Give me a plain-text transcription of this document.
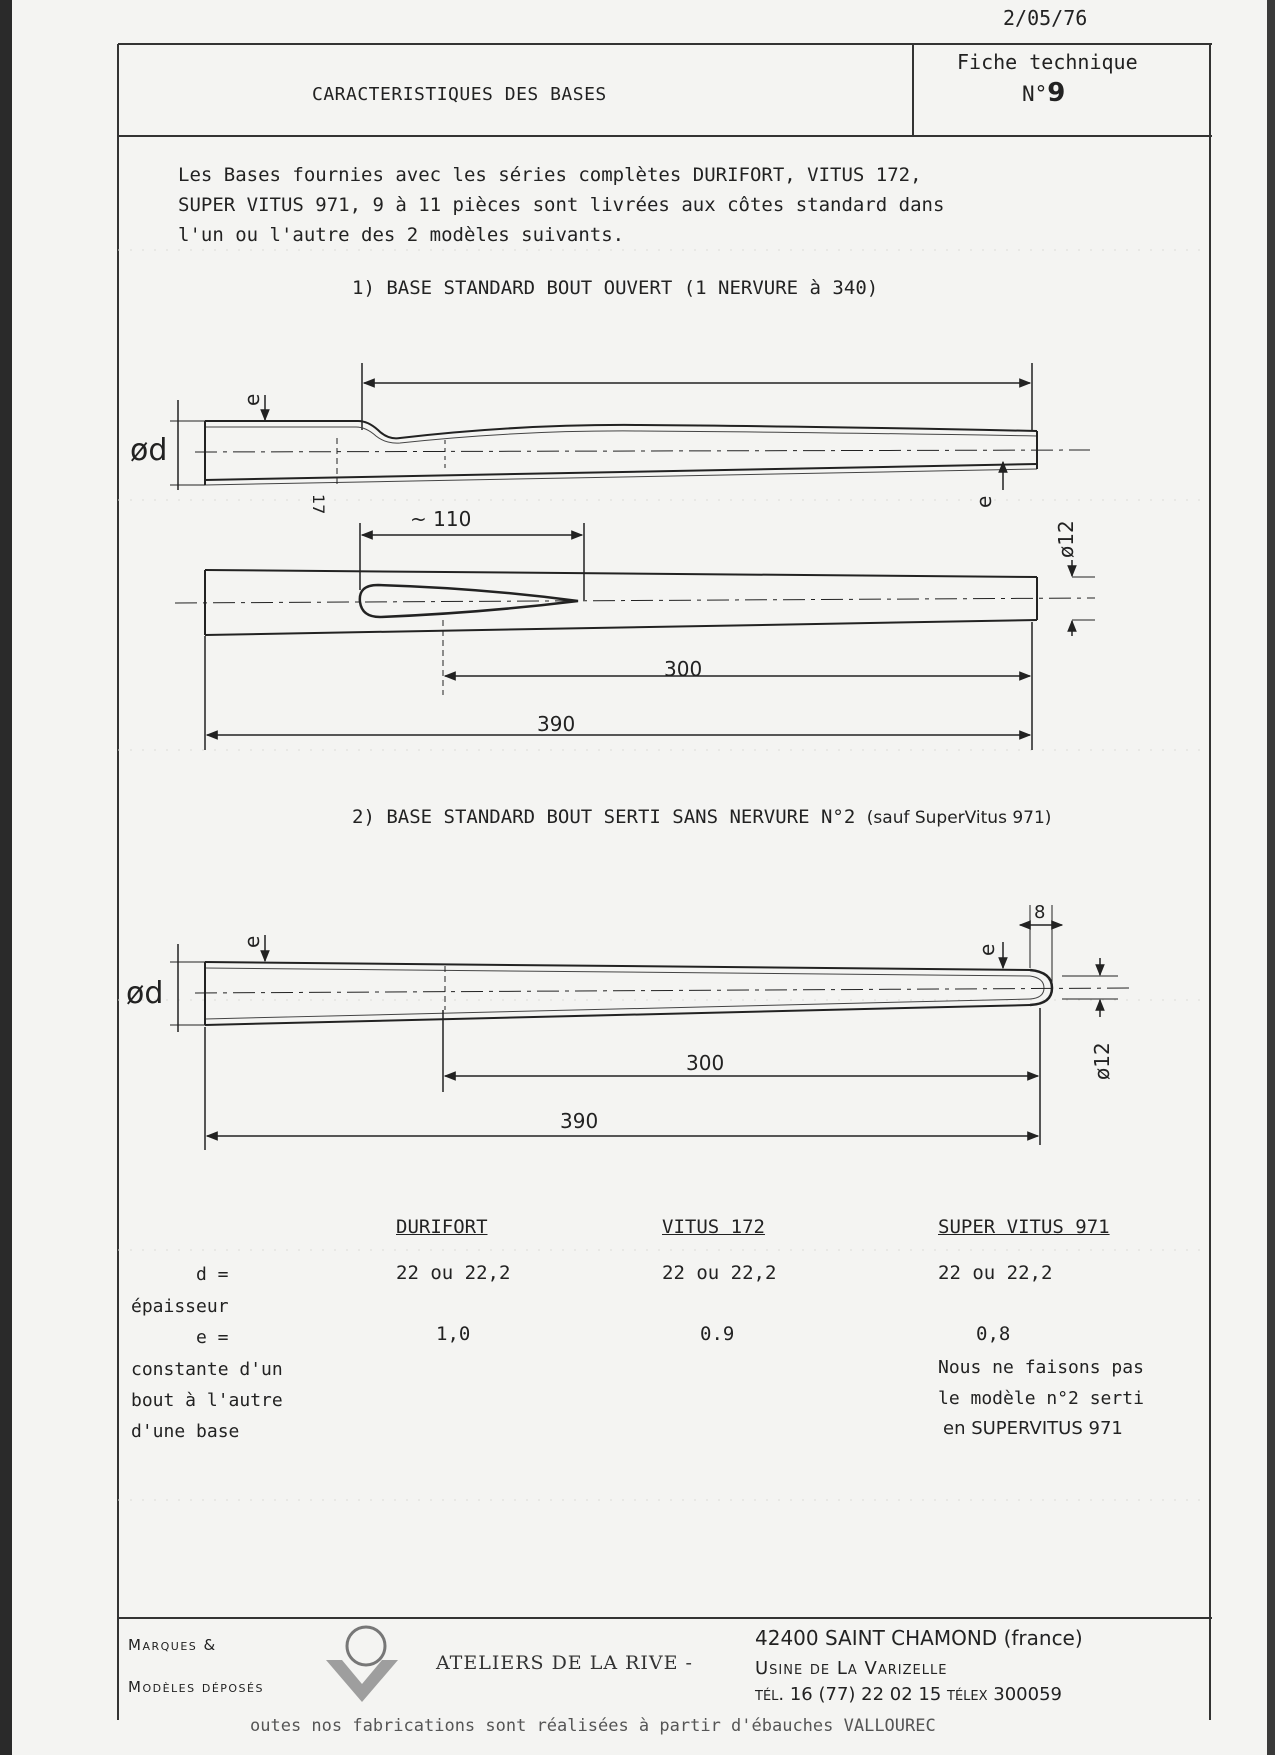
2/05/76
CARACTERISTIQUES DES BASES
Fiche technique
N°9
Les Bases fournies avec les séries complètes DURIFORT, VITUS 172,
SUPER VITUS 971, 9 à 11 pièces sont livrées aux côtes standard dans
l'un ou l'autre des 2 modèles suivants.
1) BASE STANDARD BOUT OUVERT (1 NERVURE à 340)
ød
e
17	e
~ 110
ø12
300
390
2) BASE STANDARD BOUT SERTI SANS NERVURE N°2 (sauf SuperVitus 971)
ød
e
8
e
ø12
300
390
DURIFORT	VITUS 172	SUPER VITUS 971
d =	22 ou 22,2	22 ou 22,2	22 ou 22,2
épaisseur
e =	1,0	0.9	0,8
constante d'un
bout à l'autre
d'une base
Nous ne faisons pas
le modèle n°2 serti
en SUPERVITUS 971
Marques &
Modèles déposés
ATELIERS DE LA RIVE -
42400 SAINT CHAMOND (france)
Usine de La Varizelle
tél. 16 (77) 22 02 15 télex 300059
outes nos fabrications sont réalisées à partir d'ébauches VALLOUREC
